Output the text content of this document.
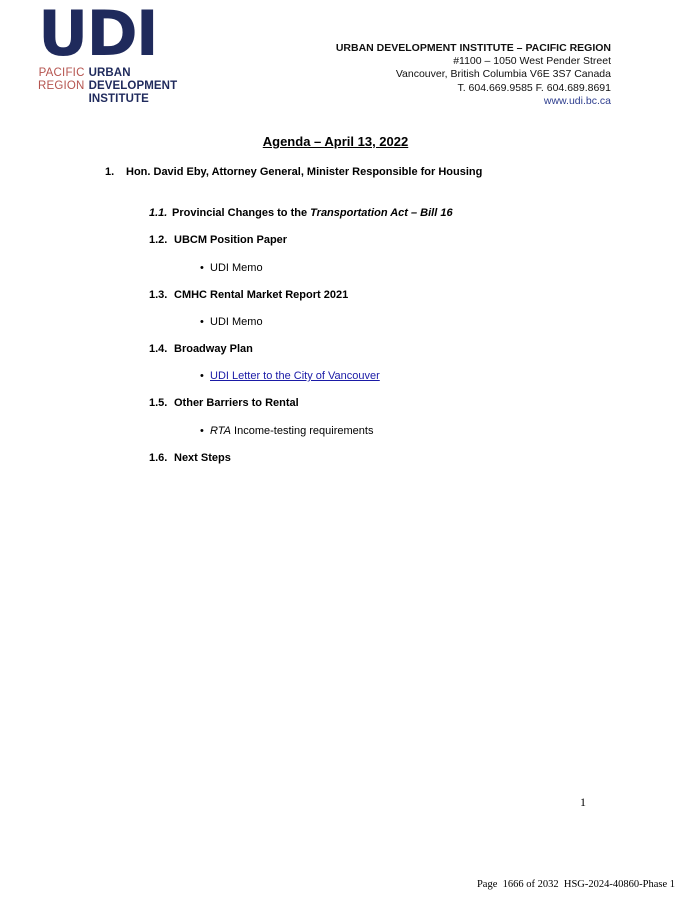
UDI
PACIFIC
REGION
URBAN
DEVELOPMENT
INSTITUTE
URBAN DEVELOPMENT INSTITUTE – PACIFIC REGION
#1100 – 1050 West Pender Street
Vancouver, British Columbia V6E 3S7 Canada
T. 604.669.9585 F. 604.689.8691
www.udi.bc.ca
Agenda – April 13, 2022
1. Hon. David Eby, Attorney General, Minister Responsible for Housing
1.1. Provincial Changes to the Transportation Act – Bill 16
1.2. UBCM Position Paper
• UDI Memo
1.3. CMHC Rental Market Report 2021
• UDI Memo
1.4. Broadway Plan
• UDI Letter to the City of Vancouver
1.5. Other Barriers to Rental
• RTA Income-testing requirements
1.6. Next Steps
1
Page  1666 of 2032  HSG-2024-40860-Phase 1
